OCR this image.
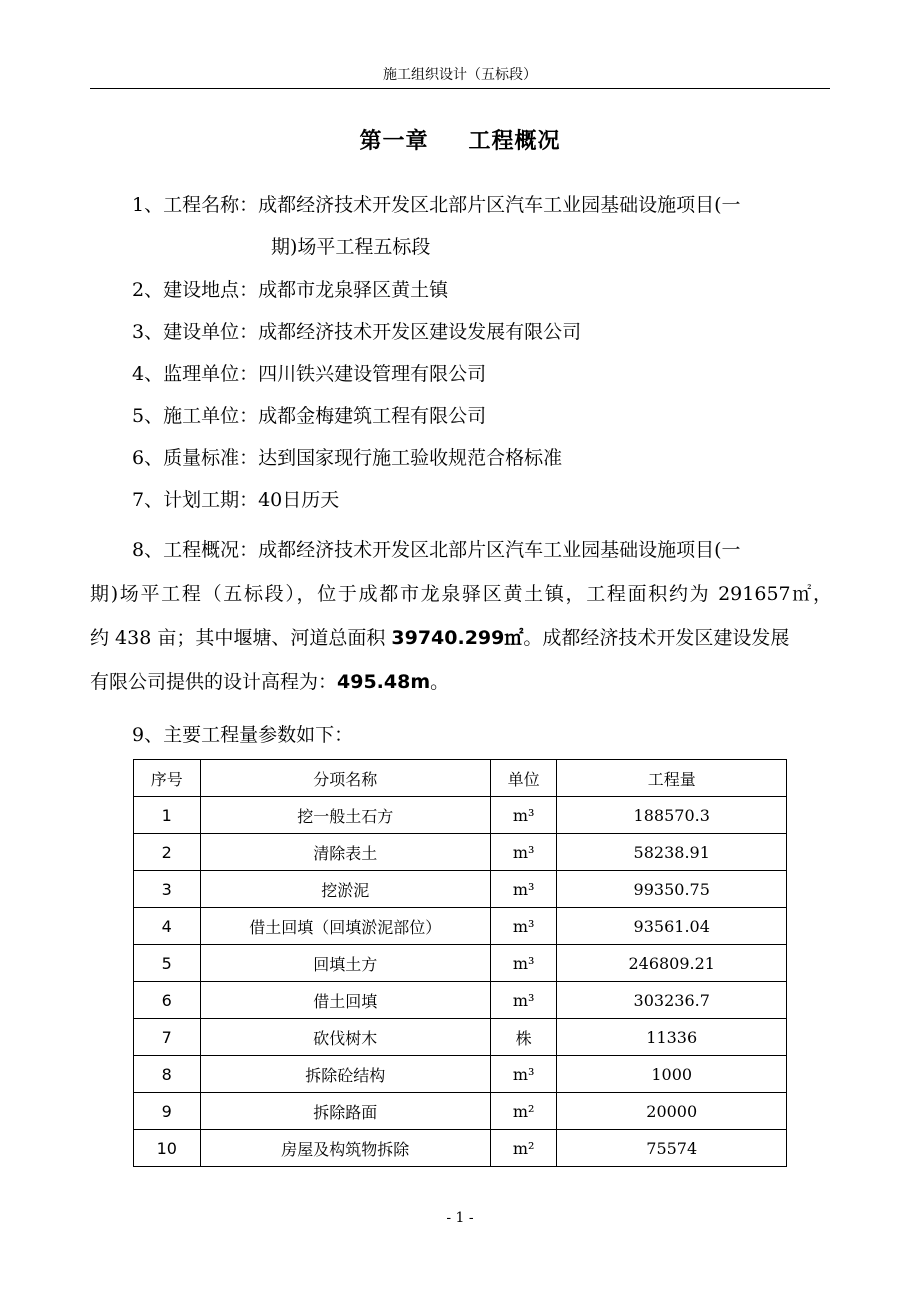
施工组织设计（五标段）
第一章 工程概况
1、工程名称：成都经济技术开发区北部片区汽车工业园基础设施项目(一
期)场平工程五标段
2、建设地点：成都市龙泉驿区黄土镇
3、建设单位：成都经济技术开发区建设发展有限公司
4、监理单位：四川铁兴建设管理有限公司
5、施工单位：成都金梅建筑工程有限公司
6、质量标准：达到国家现行施工验收规范合格标准
7、计划工期：40日历天
8、工程概况：成都经济技术开发区北部片区汽车工业园基础设施项目(一
期)场平工程（五标段），位于成都市龙泉驿区黄土镇，工程面积约为 291657㎡，
约 438 亩；其中堰塘、河道总面积 39740.299㎡。成都经济技术开发区建设发展
有限公司提供的设计高程为：495.48m。
9、主要工程量参数如下：
序号	分项名称	单位	工程量
1	挖一般土石方	m³	188570.3
2	清除表土	m³	58238.91
3	挖淤泥	m³	99350.75
4	借土回填（回填淤泥部位）	m³	93561.04
5	回填土方	m³	246809.21
6	借土回填	m³	303236.7
7	砍伐树木	株	11336
8	拆除砼结构	m³	1000
9	拆除路面	m²	20000
10	房屋及构筑物拆除	m²	75574
- 1 -
